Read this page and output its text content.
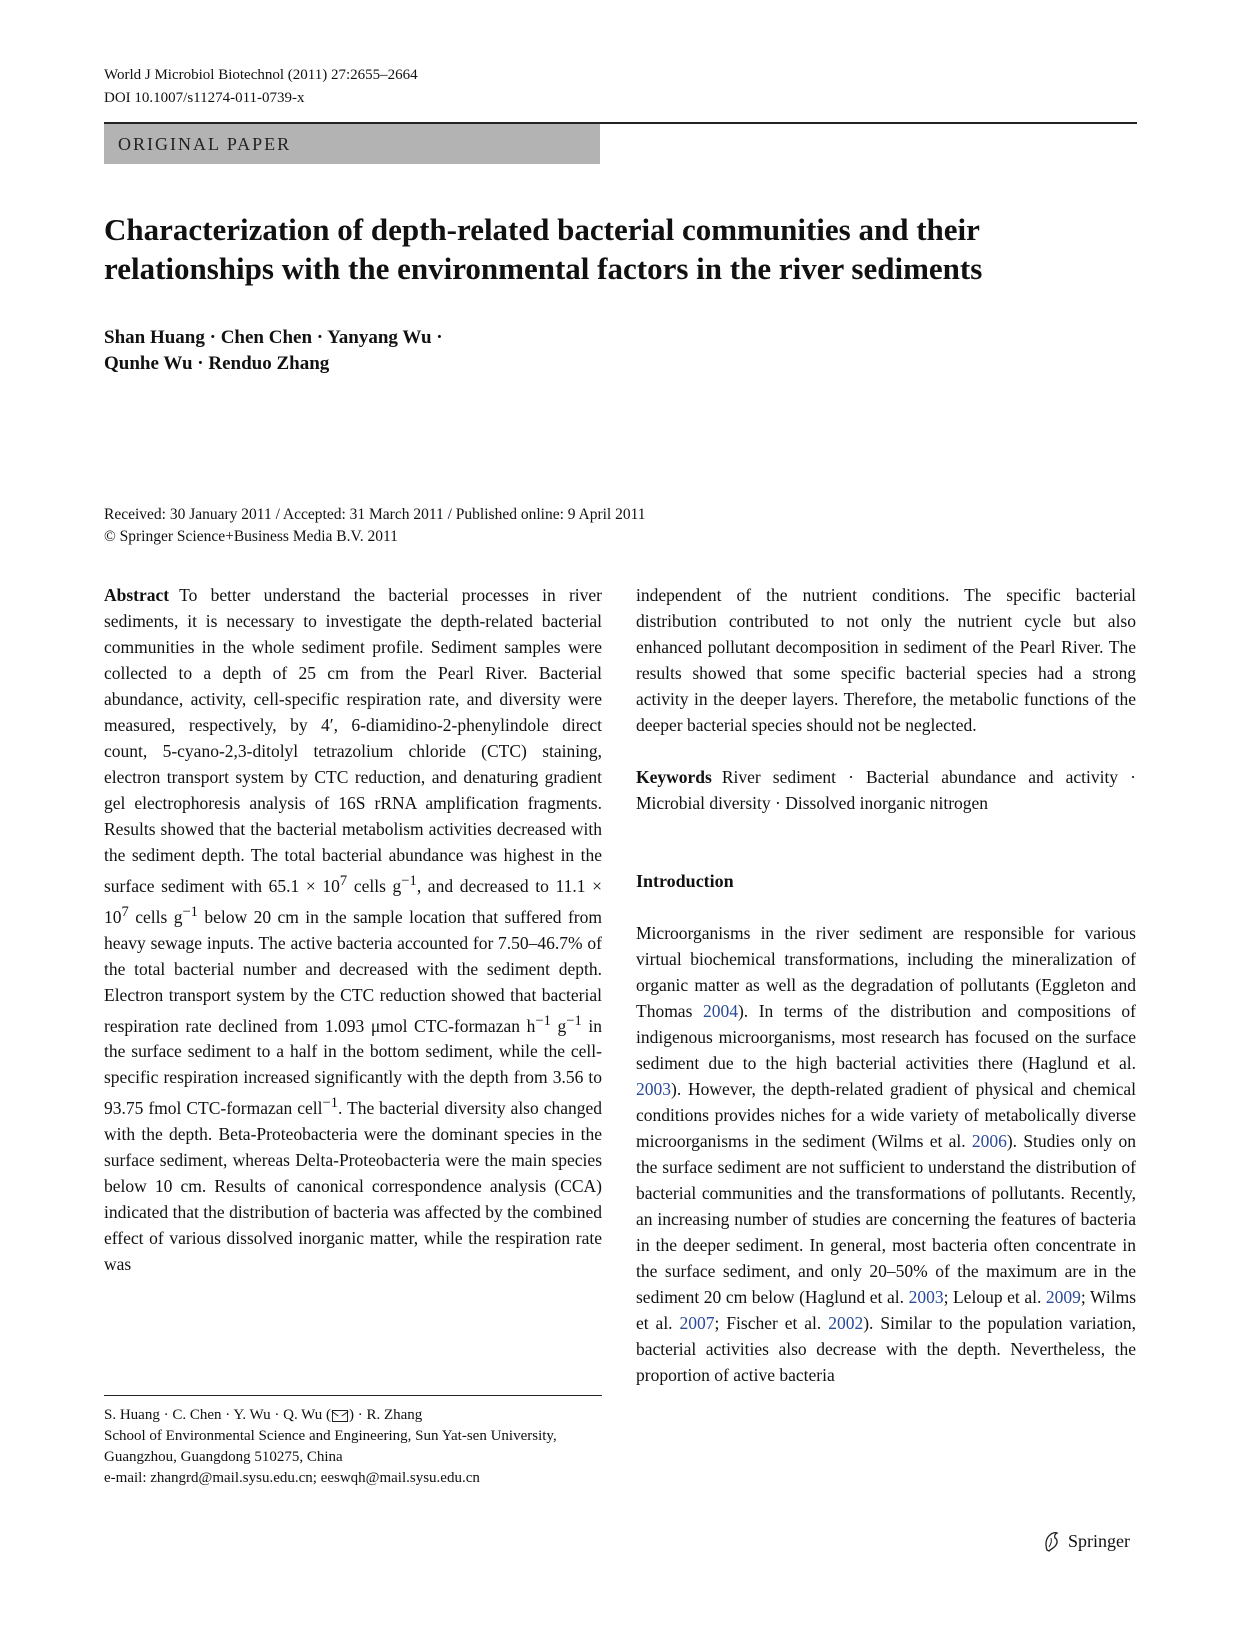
World J Microbiol Biotechnol (2011) 27:2655–2664
DOI 10.1007/s11274-011-0739-x
ORIGINAL PAPER
Characterization of depth-related bacterial communities and their
relationships with the environmental factors in the river sediments
Shan Huang · Chen Chen · Yanyang Wu ·
Qunhe Wu · Renduo Zhang
Received: 30 January 2011 / Accepted: 31 March 2011 / Published online: 9 April 2011
© Springer Science+Business Media B.V. 2011

Abstract To better understand the bacterial processes in river sediments, it is necessary to investigate the depth-related bacterial communities in the whole sediment profile. Sediment samples were collected to a depth of 25 cm from the Pearl River. Bacterial abundance, activity, cell-specific respiration rate, and diversity were measured, respectively, by 4′, 6-diamidino-2-phenylindole direct count, 5-cyano-2,3-ditolyl tetrazolium chloride (CTC) staining, electron transport system by CTC reduction, and denaturing gradient gel electrophoresis analysis of 16S rRNA amplification fragments. Results showed that the bacterial metabolism activities decreased with the sediment depth. The total bacterial abundance was highest in the surface sediment with $65.1 \times 10^7$ cells $g^{-1}$, and decreased to $11.1 \times 10^7$ cells $g^{-1}$ below 20 cm in the sample location that suffered from heavy sewage inputs. The active bacteria accounted for 7.50–46.7% of the total bacterial number and decreased with the sediment depth. Electron transport system by the CTC reduction showed that bacterial respiration rate declined from 1.093 μmol CTC-formazan $h^{-1}$ $g^{-1}$ in the surface sediment to a half in the bottom sediment, while the cell-specific respiration increased significantly with the depth from 3.56 to 93.75 fmol CTC-formazan cell$^{-1}$. The bacterial diversity also changed with the depth. Beta-Proteobacteria were the dominant species in the surface sediment, whereas Delta-Proteobacteria were the main species below 10 cm. Results of canonical correspondence analysis (CCA) indicated that the distribution of bacteria was affected by the combined effect of various dissolved inorganic matter, while the respiration rate was

S. Huang · C. Chen · Y. Wu · Q. Wu ( ) · R. Zhang
School of Environmental Science and Engineering, Sun Yat-sen University, Guangzhou, Guangdong 510275, China
e-mail: zhangrd@mail.sysu.edu.cn; eeswqh@mail.sysu.edu.cn

independent of the nutrient conditions. The specific bacterial distribution contributed to not only the nutrient cycle but also enhanced pollutant decomposition in sediment of the Pearl River. The results showed that some specific bacterial species had a strong activity in the deeper layers. Therefore, the metabolic functions of the deeper bacterial species should not be neglected.

Keywords River sediment · Bacterial abundance and activity · Microbial diversity · Dissolved inorganic nitrogen

Introduction

Microorganisms in the river sediment are responsible for various virtual biochemical transformations, including the mineralization of organic matter as well as the degradation of pollutants (Eggleton and Thomas 2004). In terms of the distribution and compositions of indigenous microorganisms, most research has focused on the surface sediment due to the high bacterial activities there (Haglund et al. 2003). However, the depth-related gradient of physical and chemical conditions provides niches for a wide variety of metabolically diverse microorganisms in the sediment (Wilms et al. 2006). Studies only on the surface sediment are not sufficient to understand the distribution of bacterial communities and the transformations of pollutants. Recently, an increasing number of studies are concerning the features of bacteria in the deeper sediment. In general, most bacteria often concentrate in the surface sediment, and only 20–50% of the maximum are in the sediment 20 cm below (Haglund et al. 2003; Leloup et al. 2009; Wilms et al. 2007; Fischer et al. 2002). Similar to the population variation, bacterial activities also decrease with the depth. Nevertheless, the proportion of active bacteria

Springer
